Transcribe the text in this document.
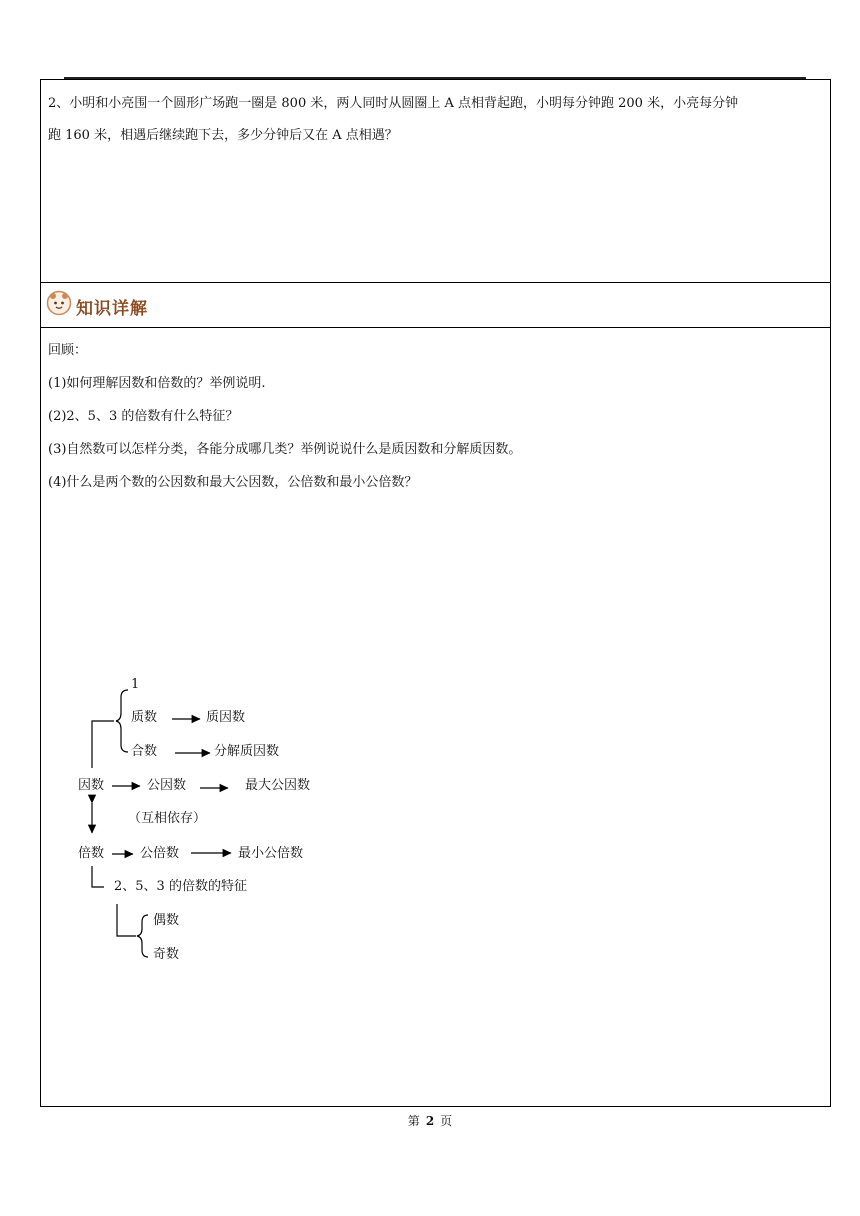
2、小明和小亮围一个圆形广场跑一圈是 800 米，两人同时从圆圈上 A 点相背起跑，小明每分钟跑 200 米，小亮每分钟
跑 160 米，相遇后继续跑下去，多少分钟后又在 A 点相遇？
知识详解
回顾：
(1)如何理解因数和倍数的？举例说明.
(2)2、5、3 的倍数有什么特征？
(3)自然数可以怎样分类，各能分成哪几类？举例说说什么是质因数和分解质因数。
(4)什么是两个数的公因数和最大公因数，公倍数和最小公倍数？
1
质数	质因数
合数	分解质因数
因数	公因数	最大公因数
（互相依存）
倍数	公倍数	最小公倍数
2、5、3 的倍数的特征
偶数
奇数
第 2 页
